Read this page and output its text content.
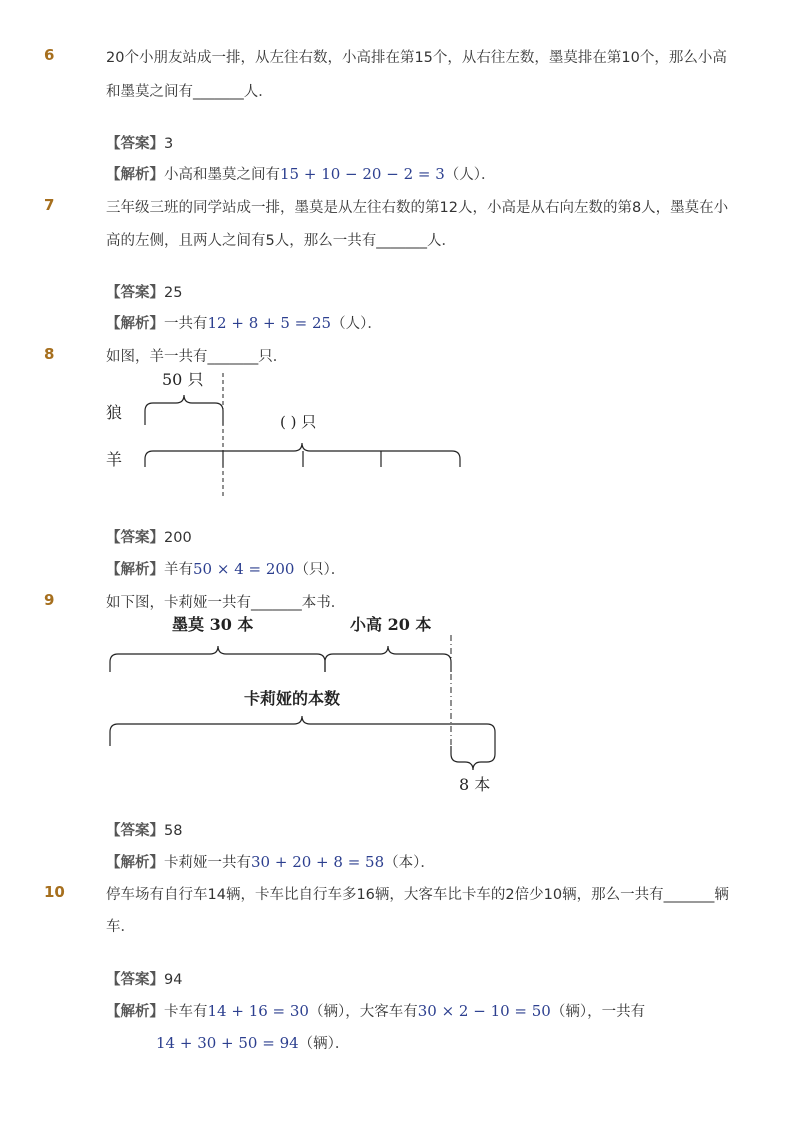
6	20个小朋友站成一排，从左往右数，小高排在第15个，从右往左数，墨莫排在第10个，那么小高
和墨莫之间有_______人．
【答案】3
【解析】小高和墨莫之间有15 + 10 − 20 − 2 = 3（人）．
7	三年级三班的同学站成一排，墨莫是从左往右数的第12人，小高是从右向左数的第8人，墨莫在小
高的左侧，且两人之间有5人，那么一共有_______人．
【答案】25
【解析】一共有12 + 8 + 5 = 25（人）．
8	如图，羊一共有_______只．
50 只
狼
羊
( ) 只
【答案】200
【解析】羊有50 × 4 = 200（只）．
9	如下图，卡莉娅一共有_______本书．
墨莫 30 本	小高 20 本
卡莉娅的本数
8 本
【答案】58
【解析】卡莉娅一共有30 + 20 + 8 = 58（本）．
10	停车场有自行车14辆，卡车比自行车多16辆，大客车比卡车的2倍少10辆，那么一共有_______辆
车．
【答案】94
【解析】卡车有14 + 16 = 30（辆），大客车有30 × 2 − 10 = 50（辆），一共有
14 + 30 + 50 = 94（辆）．
